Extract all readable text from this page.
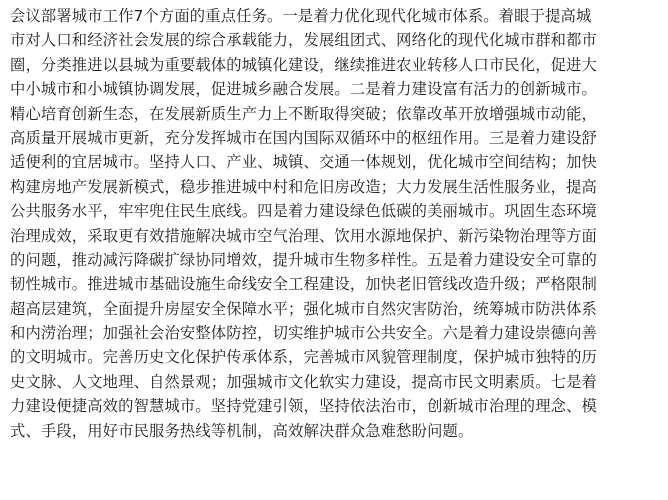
会议部署城市工作7个方面的重点任务。一是着力优化现代化城市体系。着眼于提高城
市对人口和经济社会发展的综合承载能力，发展组团式、网络化的现代化城市群和都市
圈，分类推进以县城为重要载体的城镇化建设，继续推进农业转移人口市民化，促进大
中小城市和小城镇协调发展，促进城乡融合发展。二是着力建设富有活力的创新城市。
精心培育创新生态，在发展新质生产力上不断取得突破；依靠改革开放增强城市动能，
高质量开展城市更新，充分发挥城市在国内国际双循环中的枢纽作用。三是着力建设舒
适便利的宜居城市。坚持人口、产业、城镇、交通一体规划，优化城市空间结构；加快
构建房地产发展新模式，稳步推进城中村和危旧房改造；大力发展生活性服务业，提高
公共服务水平，牢牢兜住民生底线。四是着力建设绿色低碳的美丽城市。巩固生态环境
治理成效，采取更有效措施解决城市空气治理、饮用水源地保护、新污染物治理等方面
的问题，推动减污降碳扩绿协同增效，提升城市生物多样性。五是着力建设安全可靠的
韧性城市。推进城市基础设施生命线安全工程建设，加快老旧管线改造升级；严格限制
超高层建筑，全面提升房屋安全保障水平；强化城市自然灾害防治，统筹城市防洪体系
和内涝治理；加强社会治安整体防控，切实维护城市公共安全。六是着力建设崇德向善
的文明城市。完善历史文化保护传承体系，完善城市风貌管理制度，保护城市独特的历
史文脉、人文地理、自然景观；加强城市文化软实力建设，提高市民文明素质。七是着
力建设便捷高效的智慧城市。坚持党建引领，坚持依法治市，创新城市治理的理念、模
式、手段，用好市民服务热线等机制，高效解决群众急难愁盼问题。
